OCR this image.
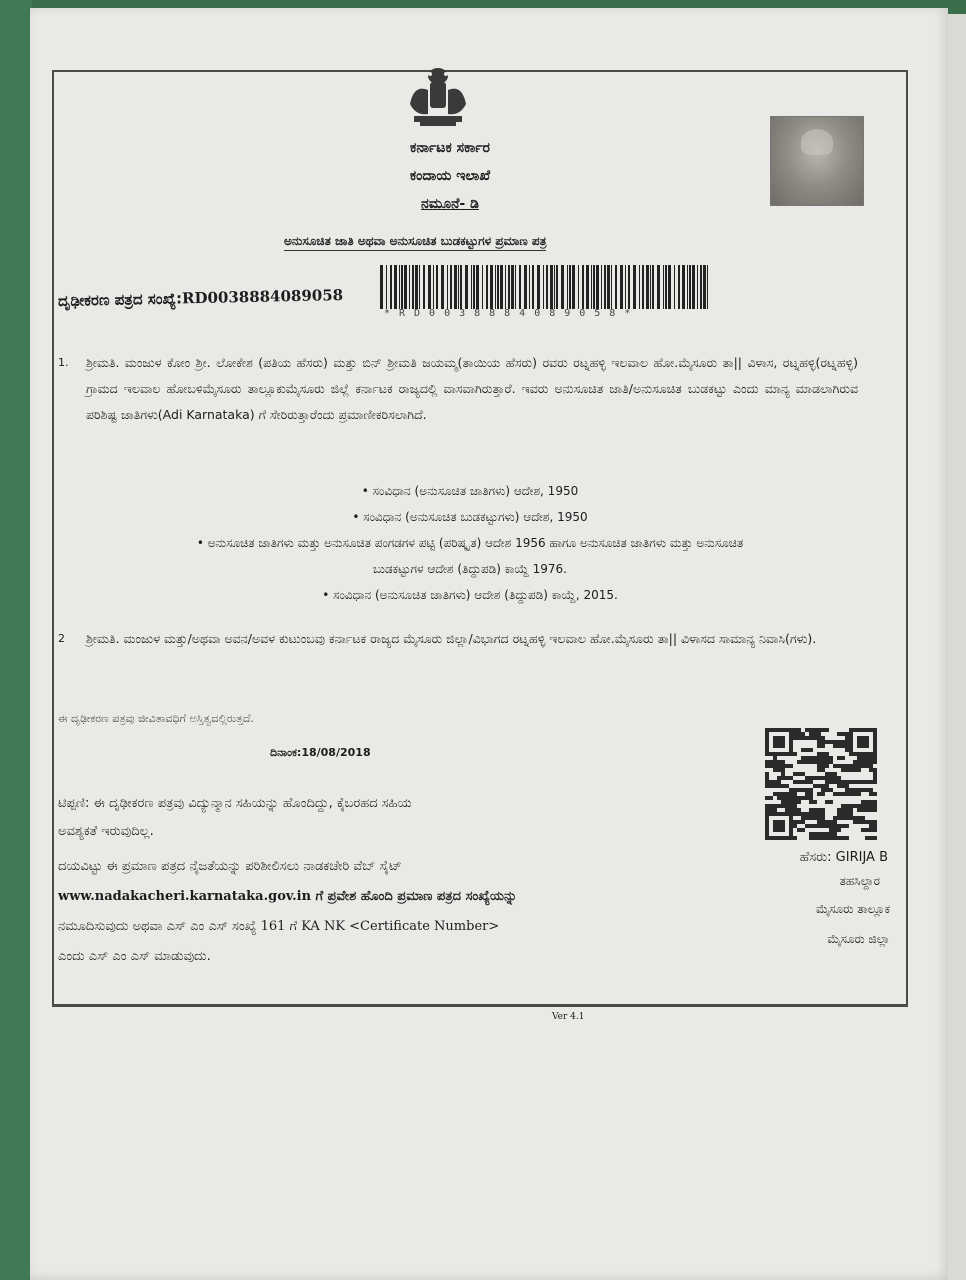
ಕರ್ನಾಟಕ ಸರ್ಕಾರ
ಕಂದಾಯ ಇಲಾಖೆ
ನಮೂನೆ- ಡಿ
ಅನುಸೂಚಿತ ಜಾತಿ ಅಥವಾ ಅನುಸೂಚಿತ ಬುಡಕಟ್ಟುಗಳ ಪ್ರಮಾಣ ಪತ್ರ
ದೃಢೀಕರಣ ಪತ್ರದ ಸಂಖ್ಯೆ:RD0038884089058
*RD0038884089058*
1. ಶ್ರೀಮತಿ. ಮಂಜುಳ ಕೋಂ ಶ್ರೀ. ಲೋಕೇಶ (ಪತಿಯ ಹೆಸರು) ಮತ್ತು ಬಿನ್ ಶ್ರೀಮತಿ ಜಯಮ್ಮ(ತಾಯಿಯ ಹೆಸರು) ರವರು ರಟ್ನಹಳ್ಳಿ ಇಲವಾಲ ಹೋ.ಮೈಸೂರು ತಾ|| ವಿಳಾಸ, ರಟ್ನಹಳ್ಳಿ(ರಟ್ನಹಳ್ಳಿ) ಗ್ರಾಮದ ಇಲವಾಲ ಹೋಬಳಿಮೈಸೂರು ತಾಲ್ಲೂಕುಮೈಸೂರು ಜಿಲ್ಲೆ ಕರ್ನಾಟಕ ರಾಜ್ಯದಲ್ಲಿ ವಾಸವಾಗಿರುತ್ತಾರೆ. ಇವರು ಅನುಸೂಚಿತ ಜಾತಿ/ಅನುಸೂಚಿತ ಬುಡಕಟ್ಟು ಎಂದು ಮಾನ್ಯ ಮಾಡಲಾಗಿರುವ ಪರಿಶಿಷ್ಟ ಜಾತಿಗಳು(Adi Karnataka) ಗೆ ಸೇರಿರುತ್ತಾರೆಂದು ಪ್ರಮಾಣೀಕರಿಸಲಾಗಿದೆ.
• ಸಂವಿಧಾನ (ಅನುಸೂಚಿತ ಜಾತಿಗಳು) ಆದೇಶ, 1950
• ಸಂವಿಧಾನ (ಅನುಸೂಚಿತ ಬುಡಕಟ್ಟುಗಳು) ಆದೇಶ, 1950
• ಅನುಸೂಚಿತ ಜಾತಿಗಳು ಮತ್ತು ಅನುಸೂಚಿತ ಪಂಗಡಗಳ ಪಟ್ಟಿ (ಪರಿಷ್ಕೃತ) ಆದೇಶ 1956 ಹಾಗೂ ಅನುಸೂಚಿತ ಜಾತಿಗಳು ಮತ್ತು ಅನುಸೂಚಿತ
ಬುಡಕಟ್ಟುಗಳ ಆದೇಶ (ತಿದ್ದುಪಡಿ) ಕಾಯ್ದೆ 1976.
• ಸಂವಿಧಾನ (ಅನುಸೂಚಿತ ಜಾತಿಗಳು) ಆದೇಶ (ತಿದ್ದುಪಡಿ) ಕಾಯ್ದೆ, 2015.
2 ಶ್ರೀಮತಿ. ಮಂಜುಳ ಮತ್ತು/ಅಥವಾ ಅವನ/ಅವಳ ಕುಟುಂಬವು ಕರ್ನಾಟಕ ರಾಜ್ಯದ ಮೈಸೂರು ಜಿಲ್ಲಾ/ವಿಭಾಗದ ರಟ್ನಹಳ್ಳಿ ಇಲವಾಲ ಹೋ.ಮೈಸೂರು ತಾ|| ವಿಳಾಸದ ಸಾಮಾನ್ಯ ನಿವಾಸಿ(ಗಳು).
ಈ ದೃಢೀಕರಣ ಪತ್ರವು ಜೀವಿತಾವಧಿಗೆ ಅಸ್ತಿತ್ವದಲ್ಲಿರುತ್ತದೆ.
ದಿನಾಂಕ:18/08/2018
ಟಿಪ್ಪಣಿ: ಈ ದೃಢೀಕರಣ ಪತ್ರವು ವಿದ್ಯುನ್ಮಾನ ಸಹಿಯನ್ನು ಹೊಂದಿದ್ದು, ಕೈಬರಹದ ಸಹಿಯ
ಅವಶ್ಯಕತೆ ಇರುವುದಿಲ್ಲ.
ದಯವಿಟ್ಟು ಈ ಪ್ರಮಾಣ ಪತ್ರದ ನೈಜತೆಯನ್ನು ಪರಿಶೀಲಿಸಲು ನಾಡಕಚೇರಿ ವೆಬ್ ಸೈಟ್
www.nadakacheri.karnataka.gov.in ಗೆ ಪ್ರವೇಶ ಹೊಂದಿ ಪ್ರಮಾಣ ಪತ್ರದ ಸಂಖ್ಯೆಯನ್ನು
ನಮೂದಿಸುವುದು ಅಥವಾ ಎಸ್ ಎಂ ಎಸ್ ಸಂಖ್ಯೆ 161 ಗೆ KA NK <Certificate Number>
ಎಂದು ಎಸ್ ಎಂ ಎಸ್ ಮಾಡುವುದು.
ಹೆಸರು: GIRIJA B
ತಹಸಿಲ್ದಾರ
ಮೈಸೂರು ತಾಲ್ಲೂಕ
ಮೈಸೂರು ಜಿಲ್ಲಾ
Ver 4.1
